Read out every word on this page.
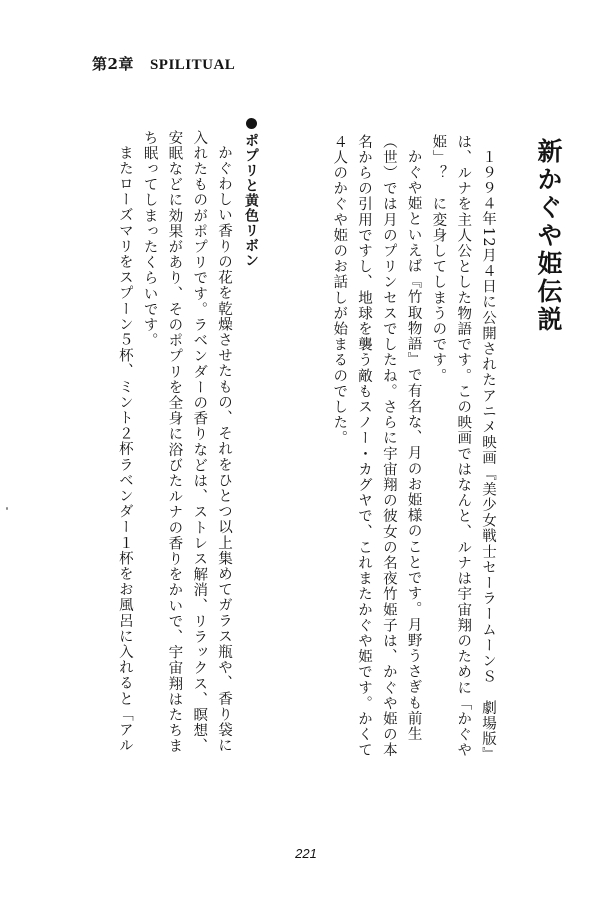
第2章 SPILITUAL
新かぐや姫伝説
１９９４年12月４日に公開されたアニメ映画『美少女戦士セーラームーンＳ　劇場版』
は、ルナを主人公とした物語です。この映画ではなんと、ルナは宇宙翔のために「かぐや
姫」？　に変身してしまうのです。
かぐや姫といえば『竹取物語』で有名な、月のお姫様のことです。月野うさぎも前生
（世）では月のプリンセスでしたね。さらに宇宙翔の彼女の名夜竹姫子は、かぐや姫の本
名からの引用ですし、地球を襲う敵もスノー・カグヤで、これまたかぐや姫です。かくて
４人のかぐや姫のお話しが始まるのでした。
ポプリと黄色リボン
かぐわしい香りの花を乾燥させたもの、それをひとつ以上集めてガラス瓶や、香り袋に
入れたものがポプリです。ラベンダーの香りなどは、ストレス解消、リラックス、瞑想、
安眠などに効果があり、そのポプリを全身に浴びたルナの香りをかいで、宇宙翔はたちま
ち眠ってしまったくらいです。
またローズマリをスプーン５杯、ミント２杯ラベンダー１杯をお風呂に入れると「アル
221
